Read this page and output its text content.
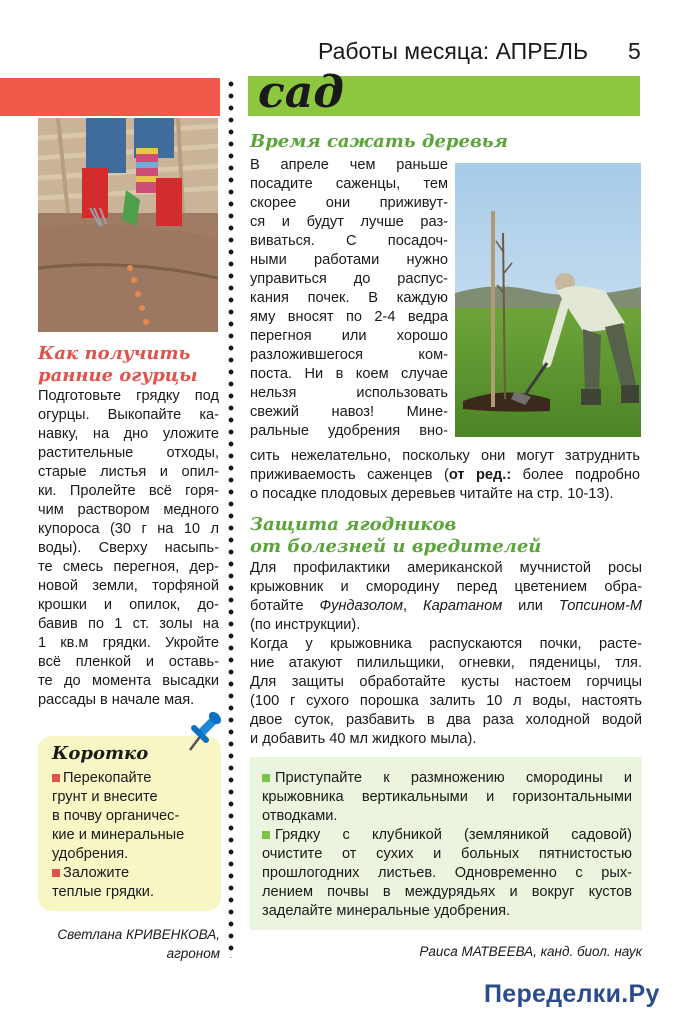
Работы месяца: АПРЕЛЬ 5
сад
Как получить
ранние огурцы
Подготовьте грядку под
огурцы. Выкопайте ка-
навку, на дно уложите
растительные отходы,
старые листья и опил-
ки. Пролейте всё горя-
чим раствором медного
купороса (30 г на 10 л
воды). Сверху насыпь-
те смесь перегноя, дер-
новой земли, торфяной
крошки и опилок, до-
бавив по 1 ст. золы на
1 кв.м грядки. Укройте
всё пленкой и оставь-
те до момента высадки
рассады в начале мая.
Коротко
Перекопайте
грунт и внесите
в почву органичес-
кие и минеральные
удобрения.
Заложите
теплые грядки.
Светлана КРИВЕНКОВА,
агроном
Время сажать деревья
В апреле чем раньше
посадите саженцы, тем
скорее они приживут-
ся и будут лучше раз-
виваться. С посадоч-
ными работами нужно
управиться до распус-
кания почек. В каждую
яму вносят по 2-4 ведра
перегноя или хорошо
разложившегося ком-
поста. Ни в коем случае
нельзя использовать
свежий навоз! Мине-
ральные удобрения вно-
сить нежелательно, поскольку они могут затруднить
приживаемость саженцев (от ред.: более подробно
о посадке плодовых деревьев читайте на стр. 10-13).
Защита ягодников
от болезней и вредителей
Для профилактики американской мучнистой росы
крыжовник и смородину перед цветением обра-
ботайте Фундазолом, Каратаном или Топсином-М
(по инструкции).
Когда у крыжовника распускаются почки, расте-
ние атакуют пилильщики, огневки, пяденицы, тля.
Для защиты обработайте кусты настоем горчицы
(100 г сухого порошка залить 10 л воды, настоять
двое суток, разбавить в два раза холодной водой
и добавить 40 мл жидкого мыла).
Приступайте к размножению смородины и
крыжовника вертикальными и горизонтальными
отводками.
Грядку с клубникой (земляникой садовой)
очистите от сухих и больных пятнистостью
прошлогодних листьев. Одновременно с рых-
лением почвы в междурядьях и вокруг кустов
заделайте минеральные удобрения.
Раиса МАТВЕЕВА, канд. биол. наук
Переделки.Ру
